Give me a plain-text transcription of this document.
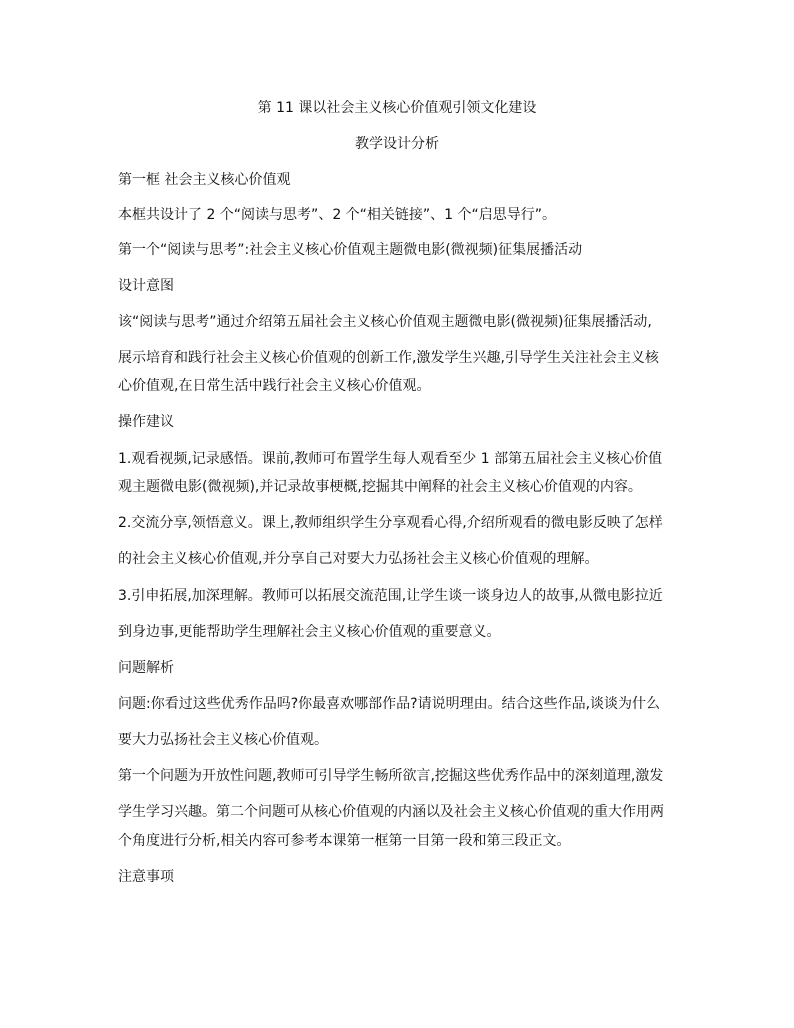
第 11 课以社会主义核心价值观引领文化建设
教学设计分析
第一框 社会主义核心价值观
本框共设计了 2 个“阅读与思考”、2 个“相关链接”、1 个“启思导行”。
第一个“阅读与思考”:社会主义核心价值观主题微电影(微视频)征集展播活动
设计意图
该“阅读与思考”通过介绍第五届社会主义核心价值观主题微电影(微视频)征集展播活动,
展示培育和践行社会主义核心价值观的创新工作,激发学生兴趣,引导学生关注社会主义核
心价值观,在日常生活中践行社会主义核心价值观。
操作建议
1.观看视频,记录感悟。课前,教师可布置学生每人观看至少 1 部第五届社会主义核心价值
观主题微电影(微视频),并记录故事梗概,挖掘其中阐释的社会主义核心价值观的内容。
2.交流分享,领悟意义。课上,教师组织学生分享观看心得,介绍所观看的微电影反映了怎样
的社会主义核心价值观,并分享自己对要大力弘扬社会主义核心价值观的理解。
3.引申拓展,加深理解。教师可以拓展交流范围,让学生谈一谈身边人的故事,从微电影拉近
到身边事,更能帮助学生理解社会主义核心价值观的重要意义。
问题解析
问题:你看过这些优秀作品吗?你最喜欢哪部作品?请说明理由。结合这些作品,谈谈为什么
要大力弘扬社会主义核心价值观。
第一个问题为开放性问题,教师可引导学生畅所欲言,挖掘这些优秀作品中的深刻道理,激发
学生学习兴趣。第二个问题可从核心价值观的内涵以及社会主义核心价值观的重大作用两
个角度进行分析,相关内容可参考本课第一框第一目第一段和第三段正文。
注意事项
